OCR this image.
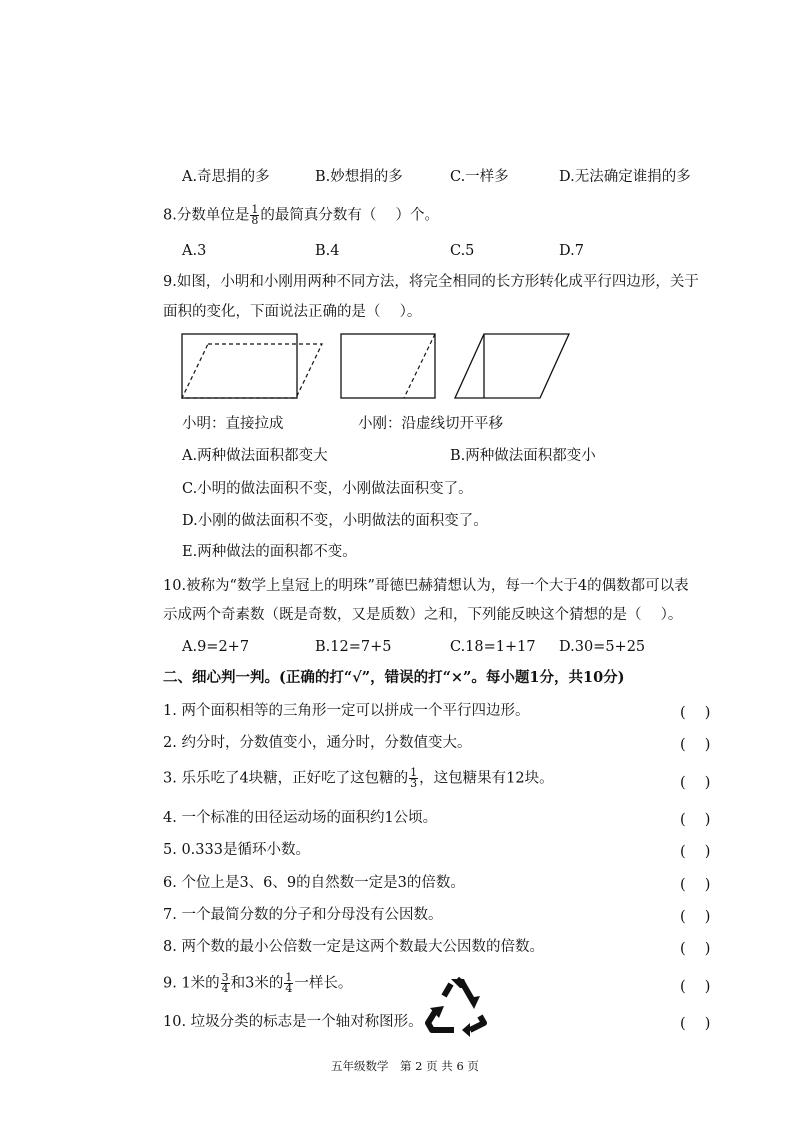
A.奇思捐的多	B.妙想捐的多	C.一样多	D.无法确定谁捐的多
8.分数单位是 $\frac{1}{8}$ 的最简真分数有（　 ）个。
A.3	B.4	C.5	D.7
9.如图，小明和小刚用两种不同方法，将完全相同的长方形转化成平行四边形，关于
面积的变化，下面说法正确的是（　 ）。
小明：直接拉成	小刚：沿虚线切开平移
A.两种做法面积都变大	B.两种做法面积都变小
C.小明的做法面积不变，小刚做法面积变了。
D.小刚的做法面积不变，小明做法的面积变了。
E.两种做法的面积都不变。
10.被称为“数学上皇冠上的明珠”哥德巴赫猜想认为，每一个大于4的偶数都可以表
示成两个奇素数（既是奇数，又是质数）之和，下列能反映这个猜想的是（　 ）。
A.9=2+7	B.12=7+5	C.18=1+17 D.30=5+25
二、细心判一判。(正确的打“√”，错误的打“×”。每小题1分，共10分)
1. 两个面积相等的三角形一定可以拼成一个平行四边形。	(　 )
2. 约分时，分数值变小，通分时，分数值变大。	(　 )
3. 乐乐吃了4块糖，正好吃了这包糖的 $\frac{1}{3}$ ，这包糖果有12块。	(　 )
4. 一个标准的田径运动场的面积约1公顷。	(　 )
5. 0.333是循环小数。	(　 )
6. 个位上是3、6、9的自然数一定是3的倍数。	(　 )
7. 一个最简分数的分子和分母没有公因数。	(　 )
8. 两个数的最小公倍数一定是这两个数最大公因数的倍数。	(　 )
9. 1米的 $\frac{3}{4}$ 和3米的 $\frac{1}{4}$ 一样长。	(　 )
10. 垃圾分类的标志是一个轴对称图形。	(　 )
五年级数学　第 2 页 共 6 页
